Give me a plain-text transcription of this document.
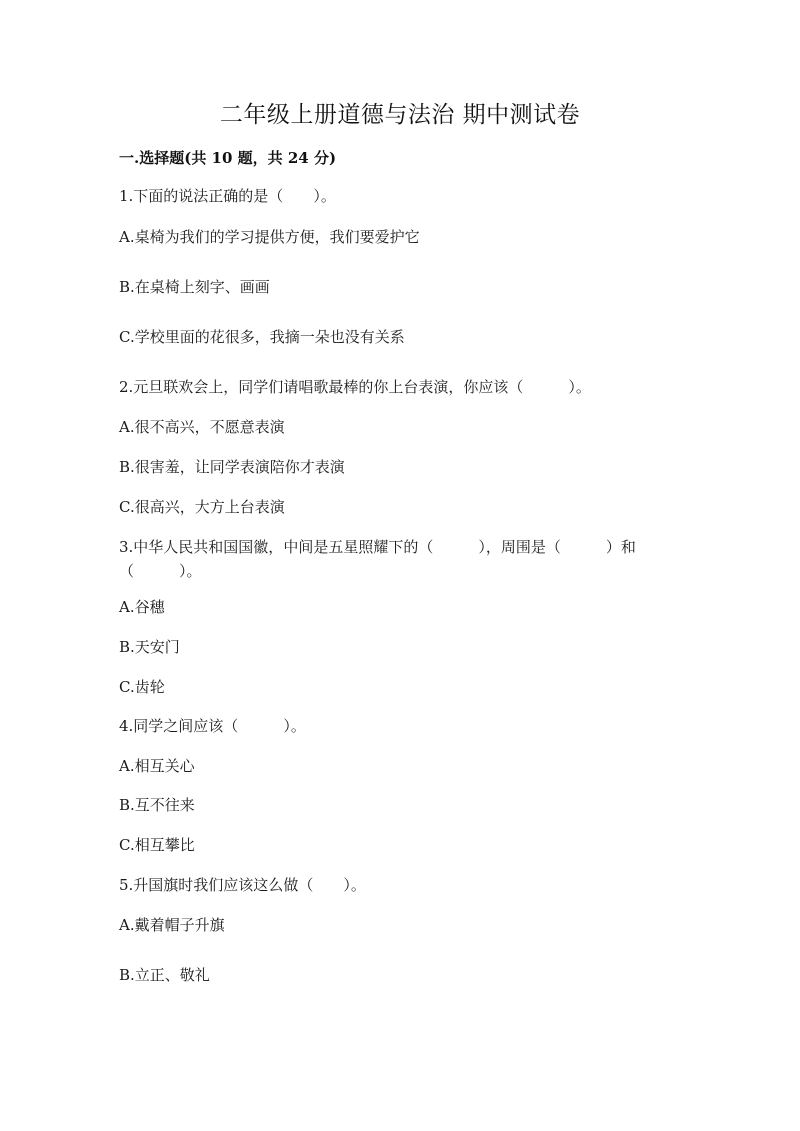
二年级上册道德与法治 期中测试卷
一.选择题(共 10 题，共 24 分)
1.下面的说法正确的是（　　）。
A.桌椅为我们的学习提供方便，我们要爱护它
B.在桌椅上刻字、画画
C.学校里面的花很多，我摘一朵也没有关系
2.元旦联欢会上，同学们请唱歌最棒的你上台表演，你应该（　　　）。
A.很不高兴，不愿意表演
B.很害羞，让同学表演陪你才表演
C.很高兴，大方上台表演
3.中华人民共和国国徽，中间是五星照耀下的（　　　），周围是（　　　）和（　　　）。
A.谷穗
B.天安门
C.齿轮
4.同学之间应该（　　　）。
A.相互关心
B.互不往来
C.相互攀比
5.升国旗时我们应该这么做（　　）。
A.戴着帽子升旗
B.立正、敬礼
